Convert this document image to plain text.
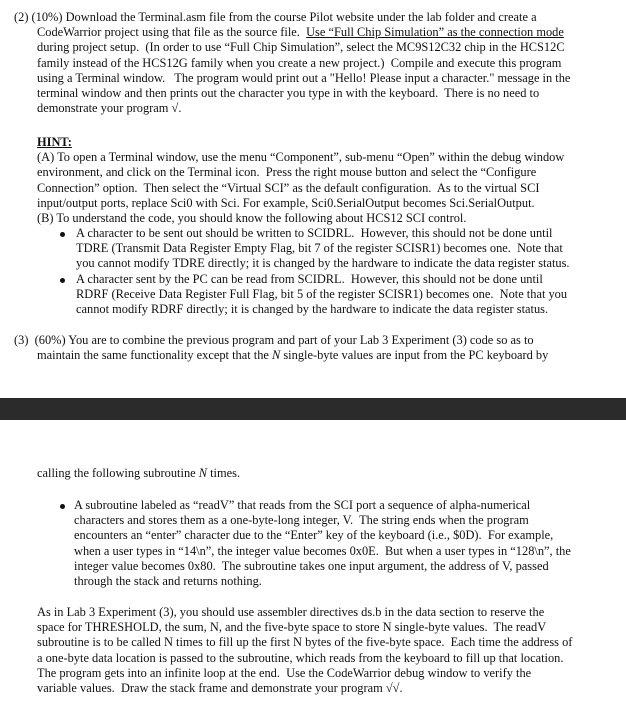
(2) (10%) Download the Terminal.asm file from the course Pilot website under the lab folder and create a
CodeWarrior project using that file as the source file.  Use “Full Chip Simulation” as the connection mode
during project setup.  (In order to use “Full Chip Simulation”, select the MC9S12C32 chip in the HCS12C
family instead of the HCS12G family when you create a new project.)  Compile and execute this program
using a Terminal window.   The program would print out a "Hello! Please input a character." message in the
terminal window and then prints out the character you type in with the keyboard.  There is no need to
demonstrate your program √.
HINT:
(A) To open a Terminal window, use the menu “Component”, sub-menu “Open” within the debug window
environment, and click on the Terminal icon.  Press the right mouse button and select the “Configure
Connection” option.  Then select the “Virtual SCI” as the default configuration.  As to the virtual SCI
input/output ports, replace Sci0 with Sci. For example, Sci0.SerialOutput becomes Sci.SerialOutput.
(B) To understand the code, you should know the following about HCS12 SCI control.
A character to be sent out should be written to SCIDRL.  However, this should not be done until
TDRE (Transmit Data Register Empty Flag, bit 7 of the register SCISR1) becomes one.  Note that
you cannot modify TDRE directly; it is changed by the hardware to indicate the data register status.
A character sent by the PC can be read from SCIDRL.  However, this should not be done until
RDRF (Receive Data Register Full Flag, bit 5 of the register SCISR1) becomes one.  Note that you
cannot modify RDRF directly; it is changed by the hardware to indicate the data register status.
(3)  (60%) You are to combine the previous program and part of your Lab 3 Experiment (3) code so as to
maintain the same functionality except that the N single-byte values are input from the PC keyboard by
calling the following subroutine N times.
A subroutine labeled as “readV” that reads from the SCI port a sequence of alpha-numerical
characters and stores them as a one-byte-long integer, V.  The string ends when the program
encounters an “enter” character due to the “Enter” key of the keyboard (i.e., $0D).  For example,
when a user types in “14\n”, the integer value becomes 0x0E.  But when a user types in “128\n”, the
integer value becomes 0x80.  The subroutine takes one input argument, the address of V, passed
through the stack and returns nothing.
As in Lab 3 Experiment (3), you should use assembler directives ds.b in the data section to reserve the
space for THRESHOLD, the sum, N, and the five-byte space to store N single-byte values.  The readV
subroutine is to be called N times to fill up the first N bytes of the five-byte space.  Each time the address of
a one-byte data location is passed to the subroutine, which reads from the keyboard to fill up that location.
The program gets into an infinite loop at the end.  Use the CodeWarrior debug window to verify the
variable values.  Draw the stack frame and demonstrate your program √√.
